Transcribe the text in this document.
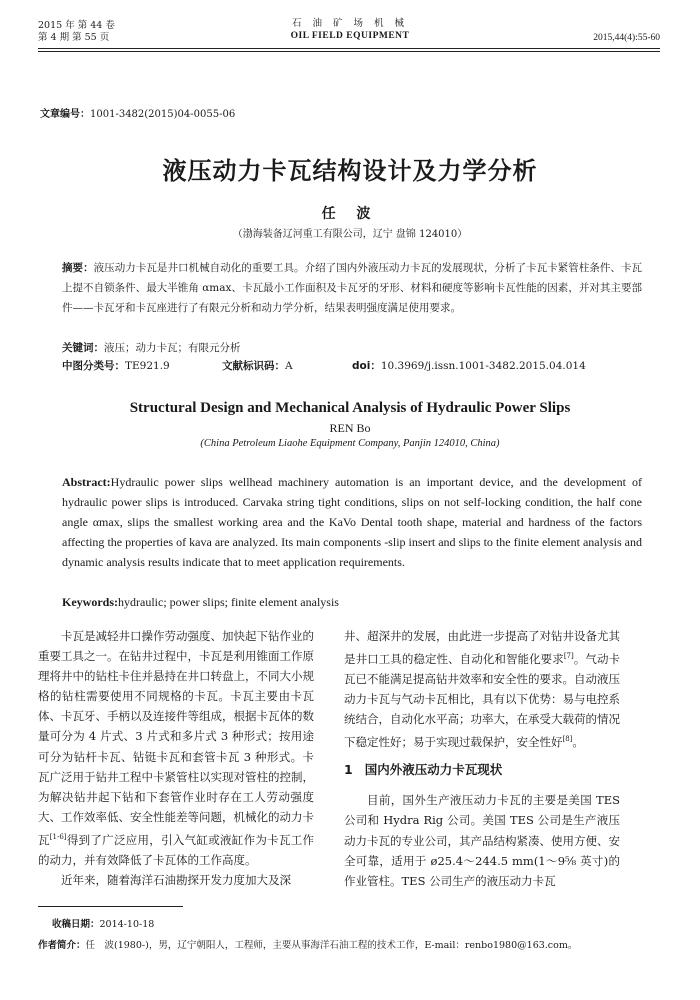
2015 年 第 44 卷
第 4 期 第 55 页
石 油 矿 场 机 械
OIL FIELD EQUIPMENT	2015,44(4):55-60
文章编号：1001-3482(2015)04-0055-06
液压动力卡瓦结构设计及力学分析
任 波
（渤海装备辽河重工有限公司，辽宁 盘锦 124010）
摘要：液压动力卡瓦是井口机械自动化的重要工具。介绍了国内外液压动力卡瓦的发展现状，分析了卡瓦卡紧管柱条件、卡瓦上提不自锁条件、最大半锥角 αmax、卡瓦最小工作面积及卡瓦牙的牙形、材料和硬度等影响卡瓦性能的因素，并对其主要部件——卡瓦牙和卡瓦座进行了有限元分析和动力学分析，结果表明强度满足使用要求。
关键词：液压；动力卡瓦；有限元分析
中图分类号：TE921.9	文献标识码：A	doi：10.3969/j.issn.1001-3482.2015.04.014
Structural Design and Mechanical Analysis of Hydraulic Power Slips
REN Bo
(China Petroleum Liaohe Equipment Company, Panjin 124010, China)
Abstract:Hydraulic power slips wellhead machinery automation is an important device, and the development of hydraulic power slips is introduced. Carvaka string tight conditions, slips on not self-locking condition, the half cone angle αmax, slips the smallest working area and the KaVo Dental tooth shape, material and hardness of the factors affecting the properties of kava are analyzed. Its main components -slip insert and slips to the finite element analysis and dynamic analysis results indicate that to meet application requirements.
Keywords:hydraulic; power slips; finite element analysis

卡瓦是减轻井口操作劳动强度、加快起下钻作业的重要工具之一。在钻井过程中，卡瓦是利用锥面工作原理将井中的钻柱卡住并悬持在井口转盘上，不同大小规格的钻柱需要使用不同规格的卡瓦。卡瓦主要由卡瓦体、卡瓦牙、手柄以及连接件等组成，根据卡瓦体的数量可分为 4 片式、3 片式和多片式 3 种形式；按用途可分为钻杆卡瓦、钻铤卡瓦和套管卡瓦 3 种形式。卡瓦广泛用于钻井工程中卡紧管柱以实现对管柱的控制，为解决钻井起下钻和下套管作业时存在工人劳动强度大、工作效率低、安全性能差等问题，机械化的动力卡瓦[1-6]得到了广泛应用，引入气缸或液缸作为卡瓦工作的动力，并有效降低了卡瓦体的工作高度。

近年来，随着海洋石油勘探开发力度加大及深

井、超深井的发展，由此进一步提高了对钻井设备尤其是井口工具的稳定性、自动化和智能化要求[7]。气动卡瓦已不能满足提高钻井效率和安全性的要求。自动液压动力卡瓦与气动卡瓦相比，具有以下优势：易与电控系统结合，自动化水平高；功率大，在承受大载荷的情况下稳定性好；易于实现过载保护，安全性好[8]。

1 国内外液压动力卡瓦现状

目前，国外生产液压动力卡瓦的主要是美国 TES 公司和 Hydra Rig 公司。美国 TES 公司是生产液压动力卡瓦的专业公司，其产品结构紧凑、使用方便、安全可靠，适用于 ø25.4～244.5 mm(1～9⅝ 英寸)的作业管柱。TES 公司生产的液压动力卡瓦

收稿日期：2014-10-18
作者简介：任　波(1980-)，男，辽宁朝阳人，工程师，主要从事海洋石油工程的技术工作，E-mail：renbo1980@163.com。
